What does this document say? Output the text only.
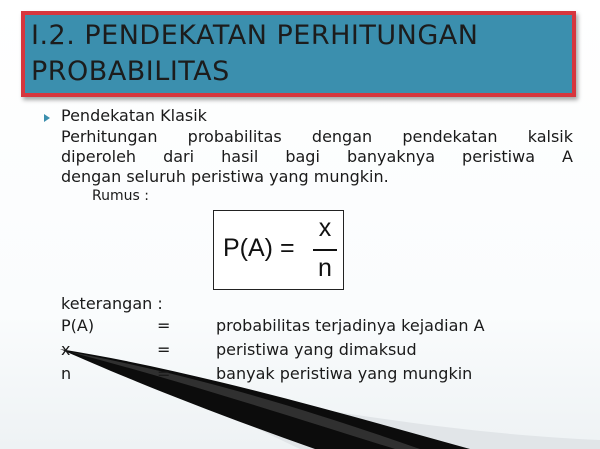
I.2. PENDEKATAN PERHITUNGAN
PROBABILITAS

Pendekatan Klasik

Perhitungan probabilitas dengan pendekatan kalsik
diperoleh dari hasil bagi banyaknya peristiwa A
dengan seluruh peristiwa yang mungkin.

Rumus :

P(A) =
x
n

keterangan :

P(A)	=	probabilitas terjadinya kejadian A

x	=	peristiwa yang dimaksud

n	=	banyak peristiwa yang mungkin
